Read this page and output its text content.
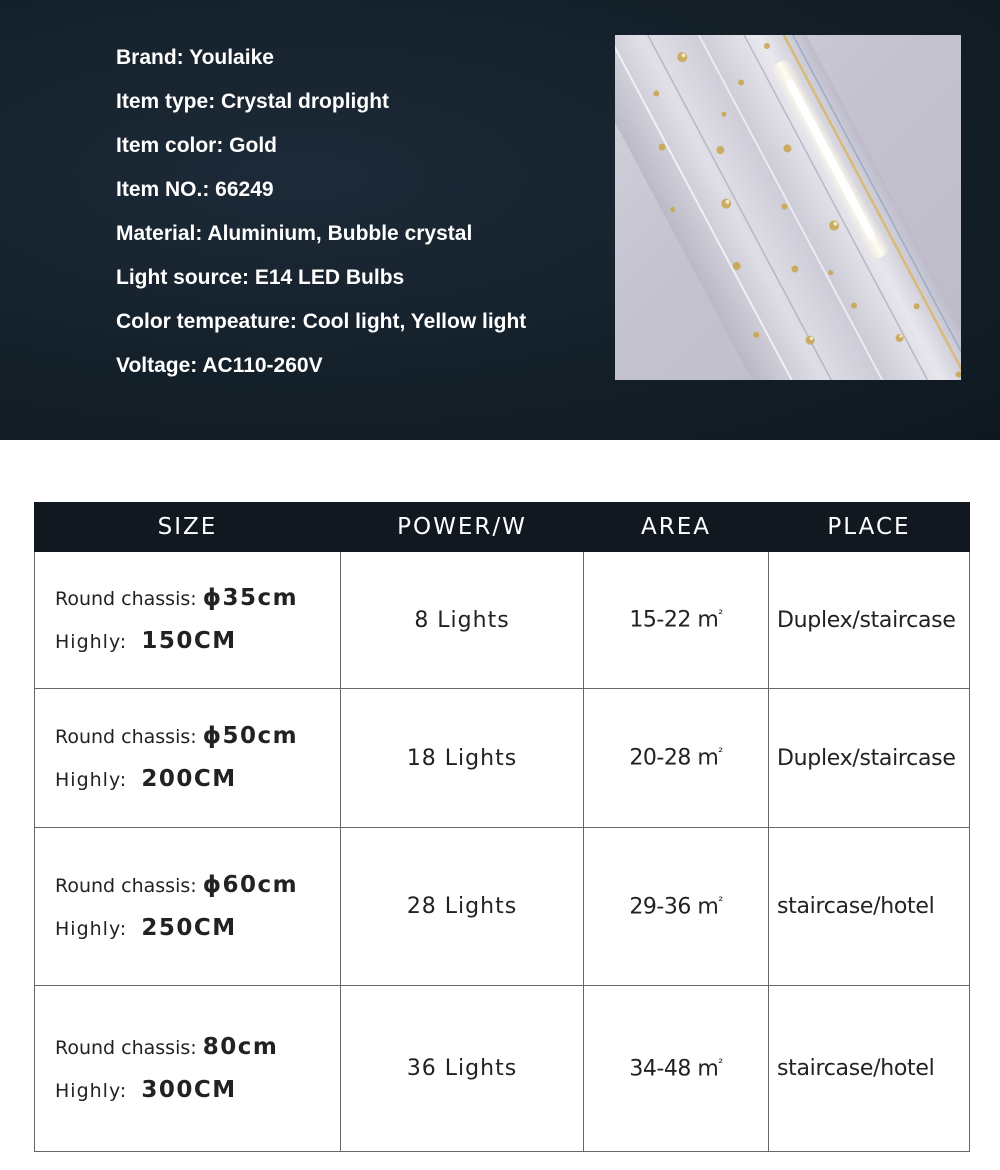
Brand: Youlaike
Item type: Crystal droplight
Item color: Gold
Item NO.: 66249
Material: Aluminium, Bubble crystal
Light source: E14 LED Bulbs
Color tempeature: Cool light, Yellow light
Voltage: AC110-260V
SIZE	POWER/W	AREA	PLACE

Round chassis: ϕ35cm
Highly: 150CM	8 Lights	15-22 $m^{^2}$	Duplex/staircase

Round chassis: ϕ50cm
Highly: 200CM	18 Lights	20-28 $m^{^2}$	Duplex/staircase

Round chassis: ϕ60cm
Highly: 250CM	28 Lights	29-36 $m^{^2}$	staircase/hotel

Round chassis: 80cm
Highly: 300CM	36 Lights	34-48 $m^{^2}$	staircase/hotel
